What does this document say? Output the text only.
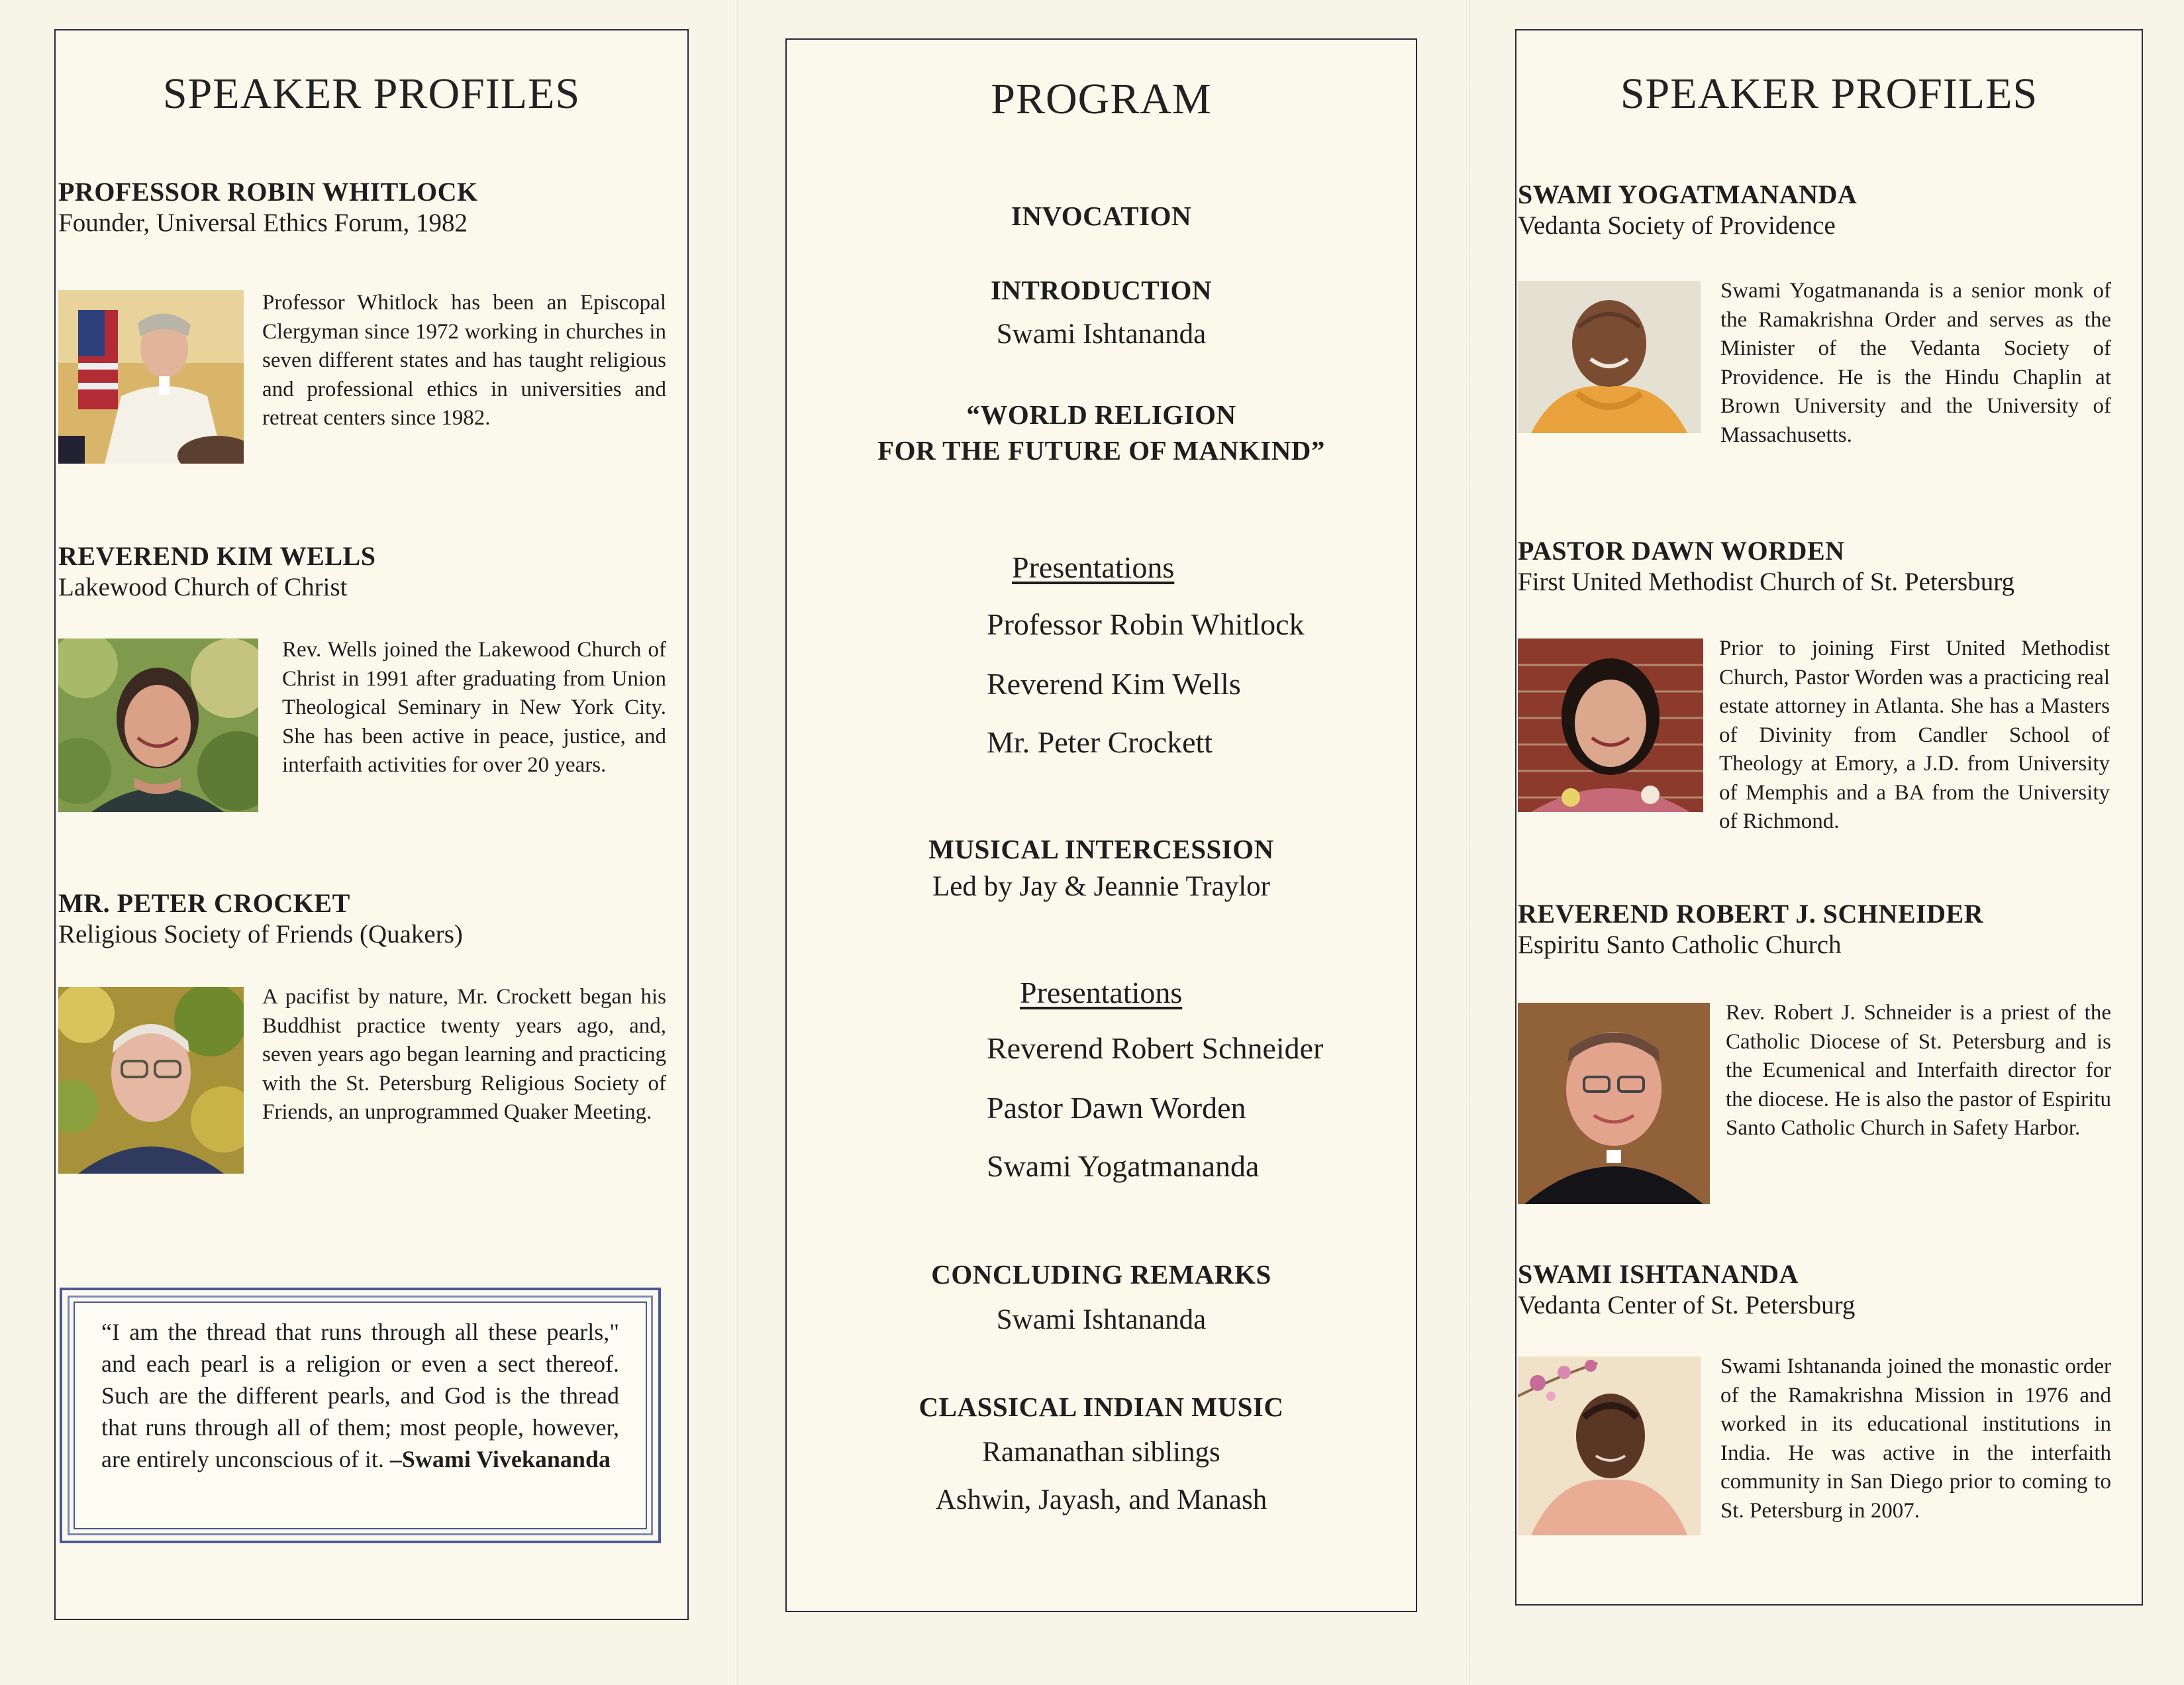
SPEAKER PROFILES
PROFESSOR ROBIN WHITLOCK
Founder, Universal Ethics Forum, 1982
Professor Whitlock has been an Episcopal Clergyman since 1972 working in churches in seven different states and has taught religious and professional ethics in universities and retreat centers since 1982.
REVEREND KIM WELLS
Lakewood Church of Christ
Rev. Wells joined the Lakewood Church of Christ in 1991 after graduating from Union Theological Seminary in New York City. She has been active in peace, justice, and interfaith activities for over 20 years.
MR. PETER CROCKET
Religious Society of Friends (Quakers)
A pacifist by nature, Mr. Crockett began his Buddhist practice twenty years ago, and, seven years ago began learning and practicing with the St. Petersburg Religious Society of Friends, an unprogrammed Quaker Meeting.
“I am the thread that runs through all these pearls," and each pearl is a religion or even a sect thereof. Such are the different pearls, and God is the thread that runs through all of them; most people, however, are entirely unconscious of it. –Swami Vivekananda
PROGRAM
INVOCATION
INTRODUCTION
Swami Ishtananda
“WORLD RELIGION
FOR THE FUTURE OF MANKIND”
Presentations
Professor Robin Whitlock
Reverend Kim Wells
Mr. Peter Crockett
MUSICAL INTERCESSION
Led by Jay & Jeannie Traylor
Presentations
Reverend Robert Schneider
Pastor Dawn Worden
Swami Yogatmananda
CONCLUDING REMARKS
Swami Ishtananda
CLASSICAL INDIAN MUSIC
Ramanathan siblings
Ashwin, Jayash, and Manash
SPEAKER PROFILES
SWAMI YOGATMANANDA
Vedanta Society of Providence
Swami Yogatmananda is a senior monk of the Ramakrishna Order and serves as the Minister of the Vedanta Society of Providence. He is the Hindu Chaplin at Brown University and the University of Massachusetts.
PASTOR DAWN WORDEN
First United Methodist Church of St. Petersburg
Prior to joining First United Methodist Church, Pastor Worden was a practicing real estate attorney in Atlanta. She has a Masters of Divinity from Candler School of Theology at Emory, a J.D. from University of Memphis and a BA from the University of Richmond.
REVEREND ROBERT J. SCHNEIDER
Espiritu Santo Catholic Church
Rev. Robert J. Schneider is a priest of the Catholic Diocese of St. Petersburg and is the Ecumenical and Interfaith director for the diocese. He is also the pastor of Espiritu Santo Catholic Church in Safety Harbor.
SWAMI ISHTANANDA
Vedanta Center of St. Petersburg
Swami Ishtananda joined the monastic order of the Ramakrishna Mission in 1976 and worked in its educational institutions in India. He was active in the interfaith community in San Diego prior to coming to St. Petersburg in 2007.
